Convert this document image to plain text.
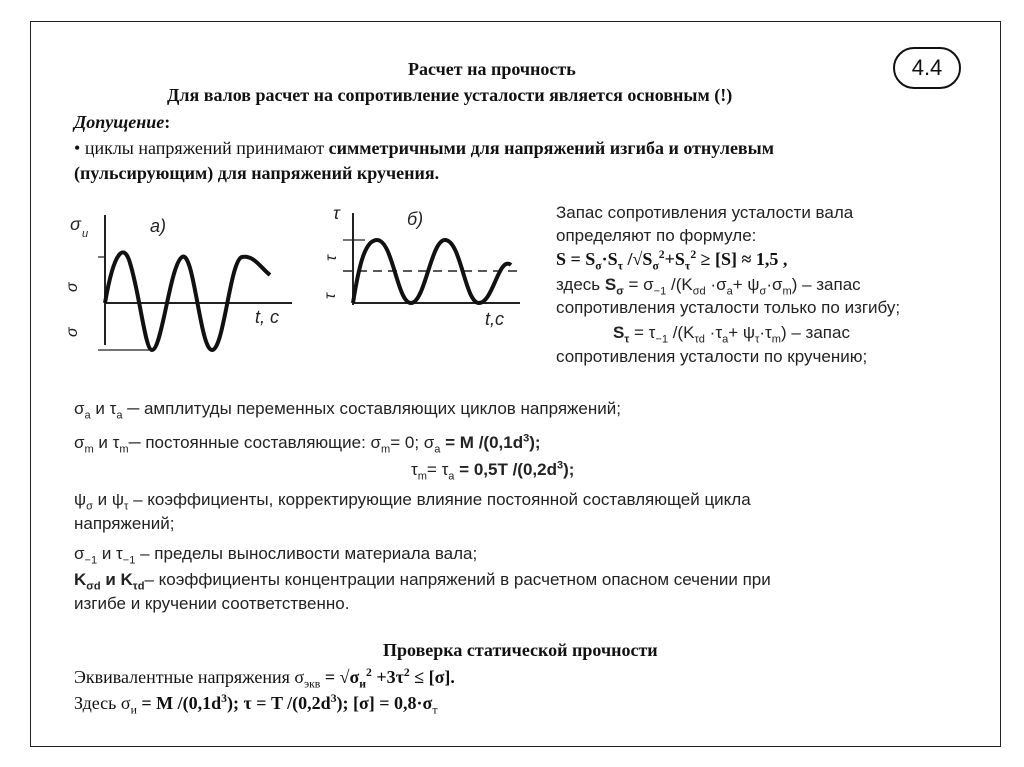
4.4
Расчет на прочность
Для валов расчет на сопротивление усталости является основным (!)
Допущение:
• циклы напряжений принимают симметричными для напряжений изгиба и отнулевым
(пульсирующим) для напряжений кручения.
σ и	а)
σ
σ
t, c
τ	б)
τ
τ
t,c
Запас сопротивления усталости вала
определяют по формуле:
$S = S_\sigma\cdot S_\tau$ $/√S_\sigma^2+S_\tau^2 \ge [S] \approx 1,5$ ,
здесь $S_\sigma = \sigma_{-1}$ $/(K_{\sigma d} \cdot\sigma_a+ \psi_\sigma\cdot\sigma_m)$ – запас
сопротивления усталости только по изгибу;
$S_\tau = \tau_{-1}$ $/(K_{\tau d} \cdot\tau_a+ \psi_\tau\cdot\tau_m)$ – запас
сопротивления усталости по кручению;
$\sigma_a$ и $\tau_a$ ─ амплитуды переменных составляющих циклов напряжений;
$\sigma_m$ и $\tau_m─$ постоянные составляющие: $\sigma_m= 0$; $\sigma_a = M$ $/(0,1d^3)$;
$\tau_m= \tau_a = 0,5T$ $/(0,2d^3)$;
$\psi_\sigma$ и $\psi_\tau$ – коэффициенты, корректирующие влияние постоянной составляющей цикла
напряжений;
$\sigma_{-1}$ и $\tau_{-1}$ – пределы выносливости материала вала;
$K_{\sigma d}$ и $K_{\tau d}-$ коэффициенты концентрации напряжений в расчетном опасном сечении при
изгибе и кручении соответственно.
Проверка статической прочности
Эквивалентные напряжения $\sigma_{экв} = √\sigma_и^2 +3\tau^2 \le [\sigma]$.
Здесь $\sigma_и = M$ $/(0,1d^3)$; τ = T $/(0,2d^3)$; $[\sigma] = 0,8\cdot\sigma_т$
